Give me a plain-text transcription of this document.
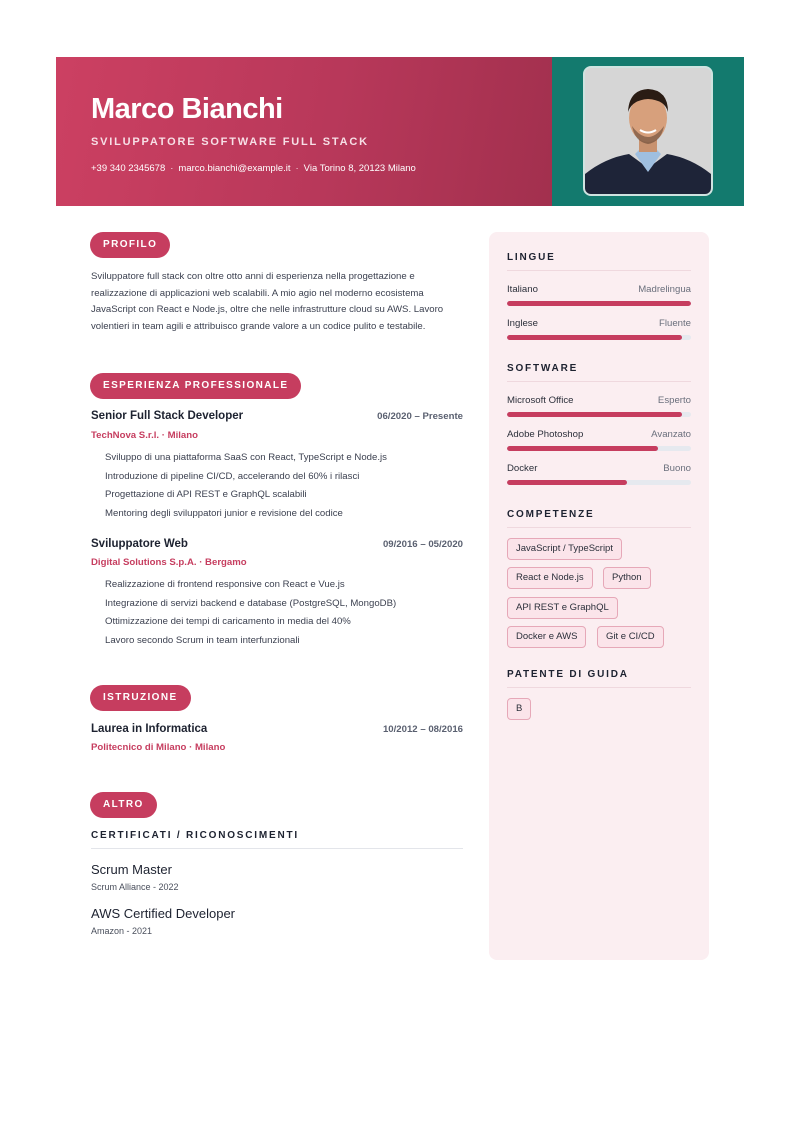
Marco Bianchi
SVILUPPATORE SOFTWARE FULL STACK
+39 340 2345678 · marco.bianchi@example.it · Via Torino 8, 20123 Milano
PROFILO

Sviluppatore full stack con oltre otto anni di esperienza nella progettazione e realizzazione di applicazioni web scalabili. A mio agio nel moderno ecosistema JavaScript con React e Node.js, oltre che nelle infrastrutture cloud su AWS. Lavoro volentieri in team agili e attribuisco grande valore a un codice pulito e testabile.

ESPERIENZA PROFESSIONALE
Senior Full Stack Developer	06/2020 – Presente
TechNova S.r.l. · Milano
Sviluppo di una piattaforma SaaS con React, TypeScript e Node.js
Introduzione di pipeline CI/CD, accelerando del 60% i rilasci
Progettazione di API REST e GraphQL scalabili
Mentoring degli sviluppatori junior e revisione del codice
Sviluppatore Web	09/2016 – 05/2020
Digital Solutions S.p.A. · Bergamo
Realizzazione di frontend responsive con React e Vue.js
Integrazione di servizi backend e database (PostgreSQL, MongoDB)
Ottimizzazione dei tempi di caricamento in media del 40%
Lavoro secondo Scrum in team interfunzionali
ISTRUZIONE
Laurea in Informatica	10/2012 – 08/2016
Politecnico di Milano · Milano
ALTRO
CERTIFICATI / RICONOSCIMENTI
Scrum Master
Scrum Alliance - 2022
AWS Certified Developer
Amazon - 2021
LINGUE
Italiano	Madrelingua
Inglese	Fluente
SOFTWARE
Microsoft Office	Esperto
Adobe Photoshop	Avanzato
Docker	Buono
COMPETENZE
JavaScript / TypeScript
React e Node.js	Python
API REST e GraphQL
Docker e AWS	Git e CI/CD
PATENTE DI GUIDA
B
